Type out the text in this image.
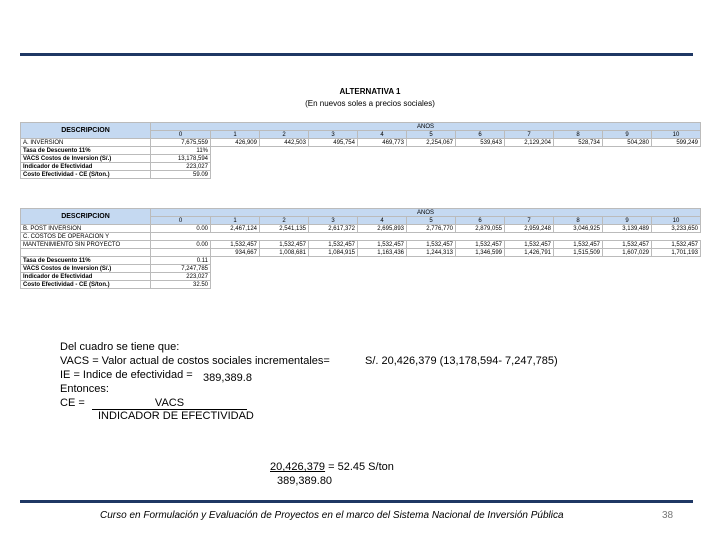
ALTERNATIVA 1
(En nuevos soles a precios sociales)
DESCRIPCION	AÑOS										
	0	1	2	3	4	5	6	7	8	9	10
A. INVERSION	7,675,559	426,909	442,503	495,754	469,773	2,254,067	539,643	2,129,204	528,734	504,280	599,249
Tasa de Descuento 11%	11%										
VACS Costos de Inversion (S/.)	13,178,594										
Indicador de Efectividad	223,027										
Costo Efectividad - CE (S/ton.)	59.09										
DESCRIPCION	AÑOS										
	0	1	2	3	4	5	6	7	8	9	10
B. POST INVERSION	0.00	2,467,124	2,541,135	2,617,372	2,695,893	2,776,770	2,879,055	2,959,248	3,046,925	3,139,489	3,233,650
C. COSTOS DE OPERACION Y											
MANTENIMIENTO SIN PROYECTO	0.00	1,532,457	1,532,457	1,532,457	1,532,457	1,532,457	1,532,457	1,532,457	1,532,457	1,532,457	1,532,457
		934,667	1,008,681	1,084,915	1,163,436	1,244,313	1,346,599	1,426,791	1,515,509	1,607,029	1,701,193
Tasa de Descuento 11%	0.11										
VACS Costos de Inversion (S/.)	7,247,785										
Indicador de Efectividad	223,027										
Costo Efectividad - CE (S/ton.)	32.50										
Del cuadro se tiene que:
VACS = Valor actual de costos sociales incrementales=	S/. 20,426,379 (13,178,594- 7,247,785)
IE = Indice de efectividad = 389,389.8
Entonces:
CE =	VACS
INDICADOR DE EFECTIVIDAD
20,426,379 = 52.45 S/ton
389,389.80
Curso en Formulación y Evaluación de Proyectos en el marco del Sistema Nacional de Inversión Pública	38
